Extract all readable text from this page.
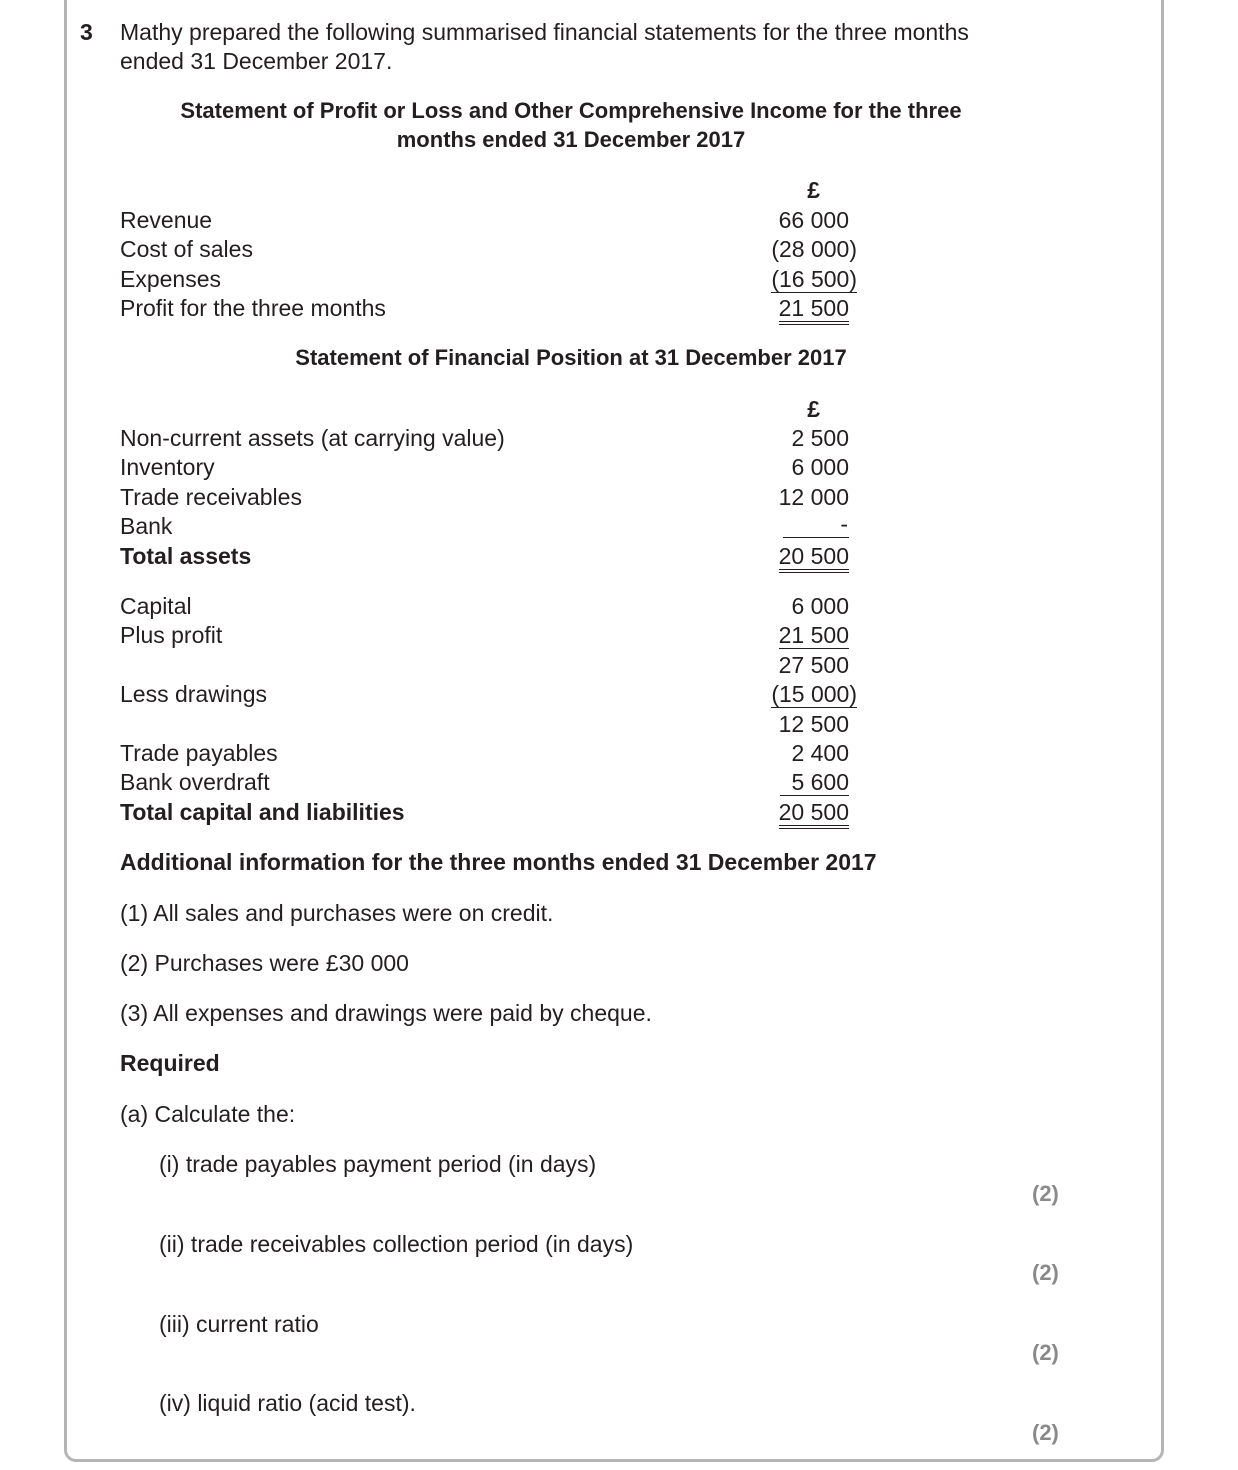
3 Mathy prepared the following summarised financial statements for the three months
ended 31 December 2017.
Statement of Profit or Loss and Other Comprehensive Income for the three
months ended 31 December 2017
£
Revenue	66 000
Cost of sales	(28 000)
Expenses	(16 500)
Profit for the three months	21 500
Statement of Financial Position at 31 December 2017
£
Non-current assets (at carrying value)	2 500
Inventory	6 000
Trade receivables	12 000
Bank	-
Total assets	20 500
Capital	6 000
Plus profit	21 500
27 500
Less drawings	(15 000)
12 500
Trade payables	2 400
Bank overdraft	5 600
Total capital and liabilities	20 500
Additional information for the three months ended 31 December 2017
(1) All sales and purchases were on credit.
(2) Purchases were £30 000
(3) All expenses and drawings were paid by cheque.
Required
(a) Calculate the:
(i) trade payables payment period (in days)
(2)
(ii) trade receivables collection period (in days)
(2)
(iii) current ratio
(2)
(iv) liquid ratio (acid test).
(2)
